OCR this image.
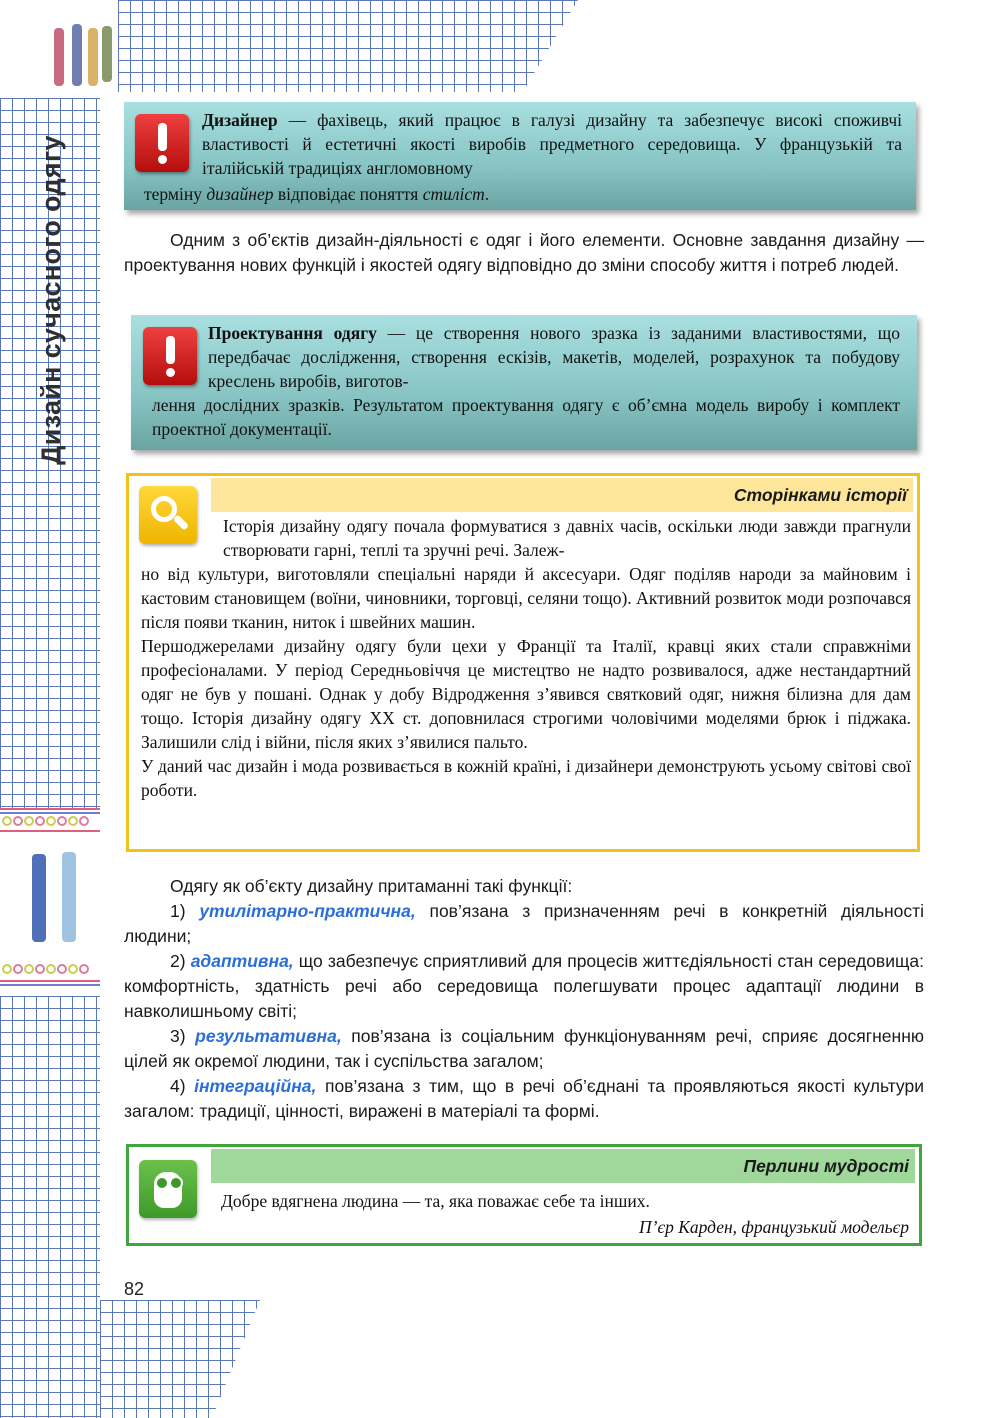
Дизайн сучасного одягу

Дизайнер — фахівець, який працює в галузі дизайну та забезпечує високі споживчі властивості й естетичні якості виробів предметного середовища. У французькій та італійській традиціях англомовному

терміну дизайнер відповідає поняття стиліст.

Одним з об’єктів дизайн-діяльності є одяг і його елементи. Основне завдання дизайну — проектування нових функцій і якостей одягу відповідно до зміни способу життя і потреб людей.

Проектування одягу — це створення нового зразка із заданими властивостями, що передбачає дослідження, створення ескізів, макетів, моделей, розрахунок та побудову креслень виробів, виготов-

лення дослідних зразків. Результатом проектування одягу є об’ємна модель виробу і комплект проектної документації.

Сторінками історії

Історія дизайну одягу почала формуватися з давніх часів, оскільки люди завжди прагнули створювати гарні, теплі та зручні речі. Залеж-

но від культури, виготовляли спеціальні наряди й аксесуари. Одяг поділяв народи за майновим і кастовим становищем (воїни, чиновники, торговці, селяни тощо). Активний розвиток моди розпочався після появи тканин, ниток і швейних машин.

Першоджерелами дизайну одягу були цехи у Франції та Італії, кравці яких стали справжніми професіоналами. У період Середньовіччя це мистецтво не надто розвивалося, адже нестандартний одяг не був у пошані. Однак у добу Відродження з’явився святковий одяг, нижня білизна для дам тощо. Історія дизайну одягу ХХ ст. доповнилася строгими чоловічими моделями брюк і піджака. Залишили слід і війни, після яких з’явилися пальто.

У даний час дизайн і мода розвивається в кожній країні, і дизайнери демонструють усьому світові свої роботи.

Одягу як об’єкту дизайну притаманні такі функції:

1) утилітарно-практична, пов’язана з призначенням речі в конкретній діяльності людини;

2) адаптивна, що забезпечує сприятливий для процесів життєдіяльності стан середовища: комфортність, здатність речі або середовища полегшувати процес адаптації людини в навколишньому світі;

3) результативна, пов’язана із соціальним функціонуванням речі, сприяє досягненню цілей як окремої людини, так і суспільства загалом;

4) інтеграційна, пов’язана з тим, що в речі об’єднані та проявляються якості культури загалом: традиції, цінності, виражені в матеріалі та формі.

Перлини мудрості
Добре вдягнена людина — та, яка поважає себе та інших.
П’єр Карден, французький модельєр
82
